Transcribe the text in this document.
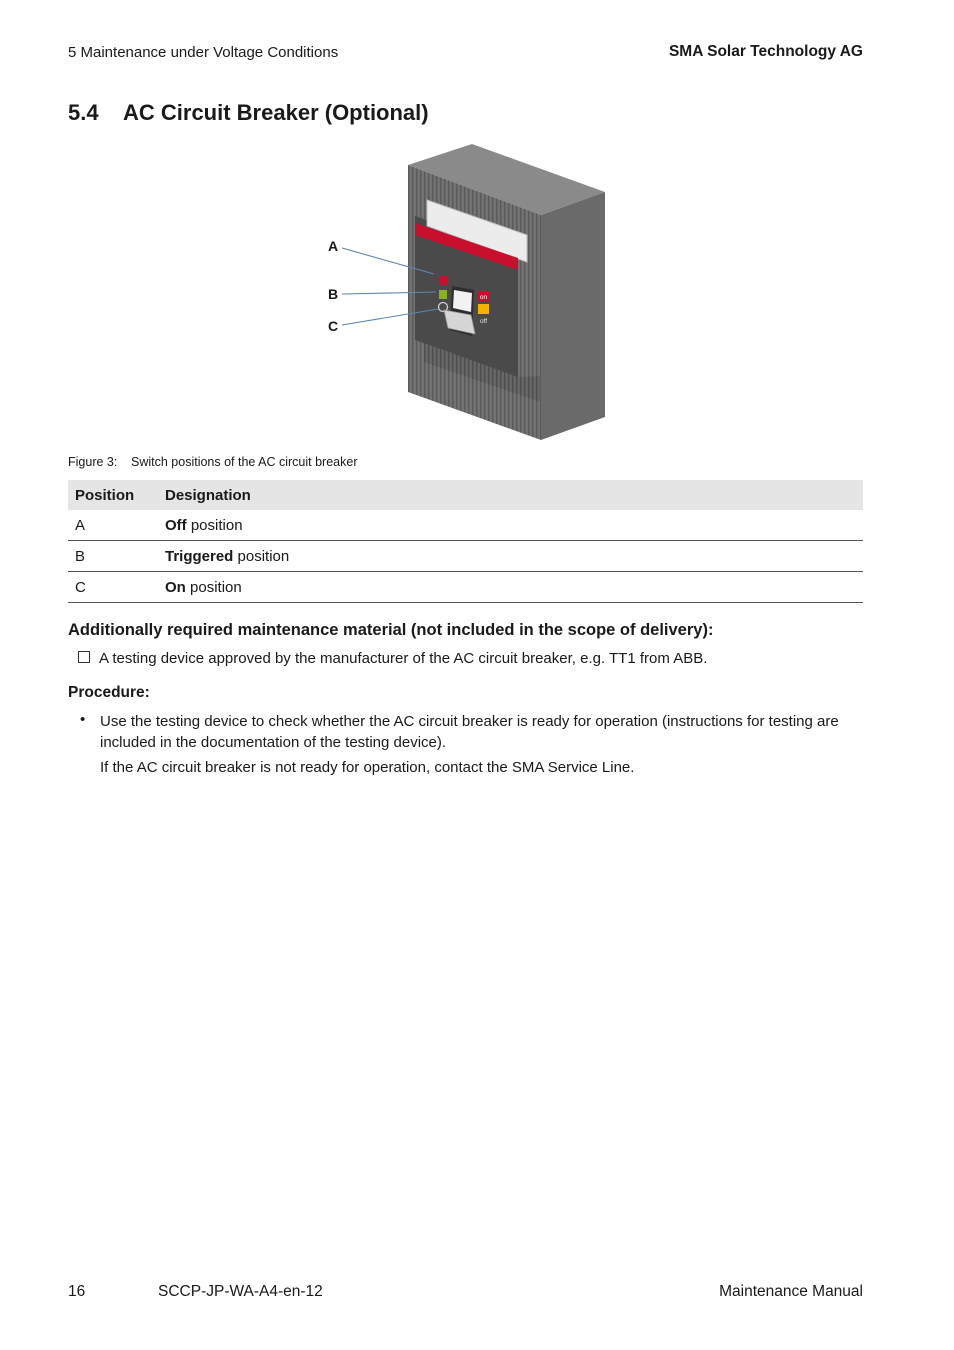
5 Maintenance under Voltage Conditions	SMA Solar Technology AG
5.4 AC Circuit Breaker (Optional)
on
off
A
B
C
Figure 3: Switch positions of the AC circuit breaker
Position	Designation
A	Off position
B	Triggered position
C	On position
Additionally required maintenance material (not included in the scope of delivery):
A testing device approved by the manufacturer of the AC circuit breaker, e.g. TT1 from ABB.
Procedure:
• Use the testing device to check whether the AC circuit breaker is ready for operation (instructions for testing are included in the documentation of the testing device).
If the AC circuit breaker is not ready for operation, contact the SMA Service Line.
16	SCCP-JP-WA-A4-en-12	Maintenance Manual
